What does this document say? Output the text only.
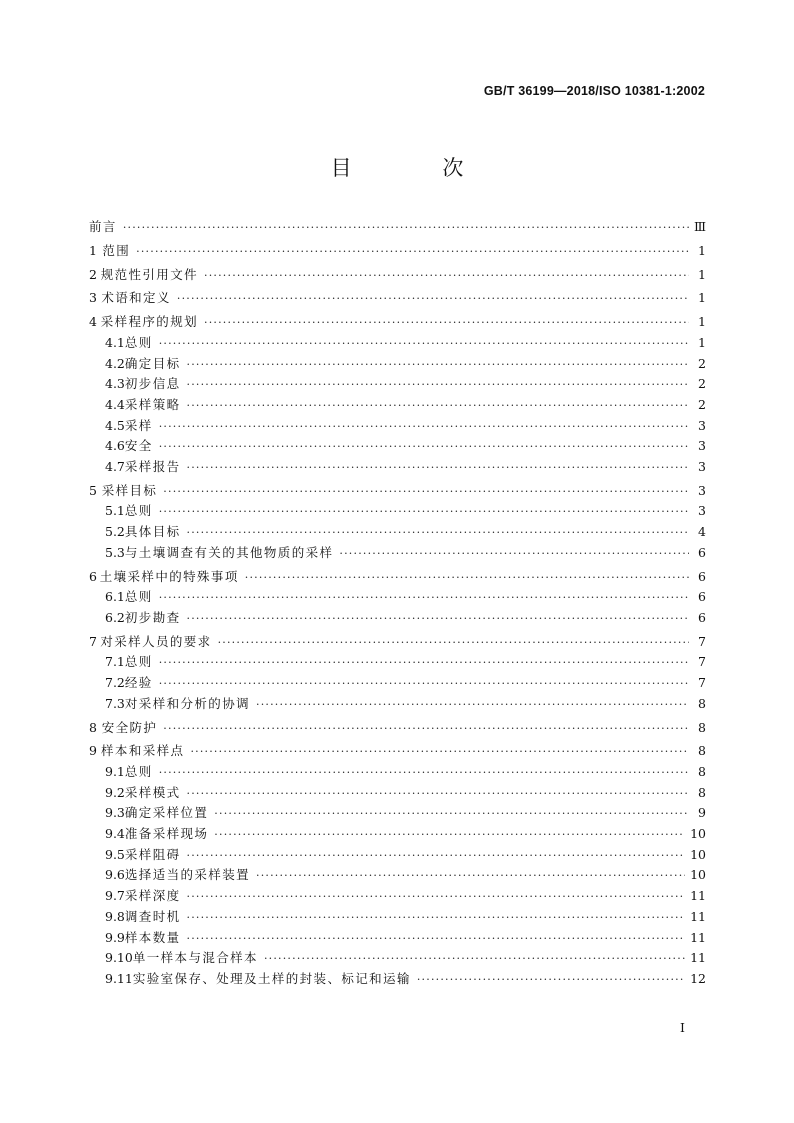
GB/T 36199—2018/ISO 10381-1:2002
目 次
前言 ·····	Ⅲ
1 范围 ·····	1
2 规范性引用文件 ·····	1
3 术语和定义 ·····	1
4 采样程序的规划 ·····	1
4.1 总则 ·····	1
4.2 确定目标 ·····	2
4.3 初步信息 ·····	2
4.4 采样策略 ·····	2
4.5 采样 ·····	3
4.6 安全 ·····	3
4.7 采样报告 ·····	3
5 采样目标 ·····	3
5.1 总则 ·····	3
5.2 具体目标 ·····	4
5.3 与土壤调查有关的其他物质的采样 ·····	6
6 土壤采样中的特殊事项 ·····	6
6.1 总则 ·····	6
6.2 初步勘查 ·····	6
7 对采样人员的要求 ·····	7
7.1 总则 ·····	7
7.2 经验 ·····	7
7.3 对采样和分析的协调 ·····	8
8 安全防护 ·····	8
9 样本和采样点 ·····	8
9.1 总则 ·····	8
9.2 采样模式 ·····	8
9.3 确定采样位置 ·····	9
9.4 准备采样现场 ·····	10
9.5 采样阻碍 ·····	10
9.6 选择适当的采样装置 ·····	10
9.7 采样深度 ·····	11
9.8 调查时机 ·····	11
9.9 样本数量 ·····	11
9.10 单一样本与混合样本 ·····	11
9.11 实验室保存、处理及土样的封装、标记和运输 ·····	12
I
